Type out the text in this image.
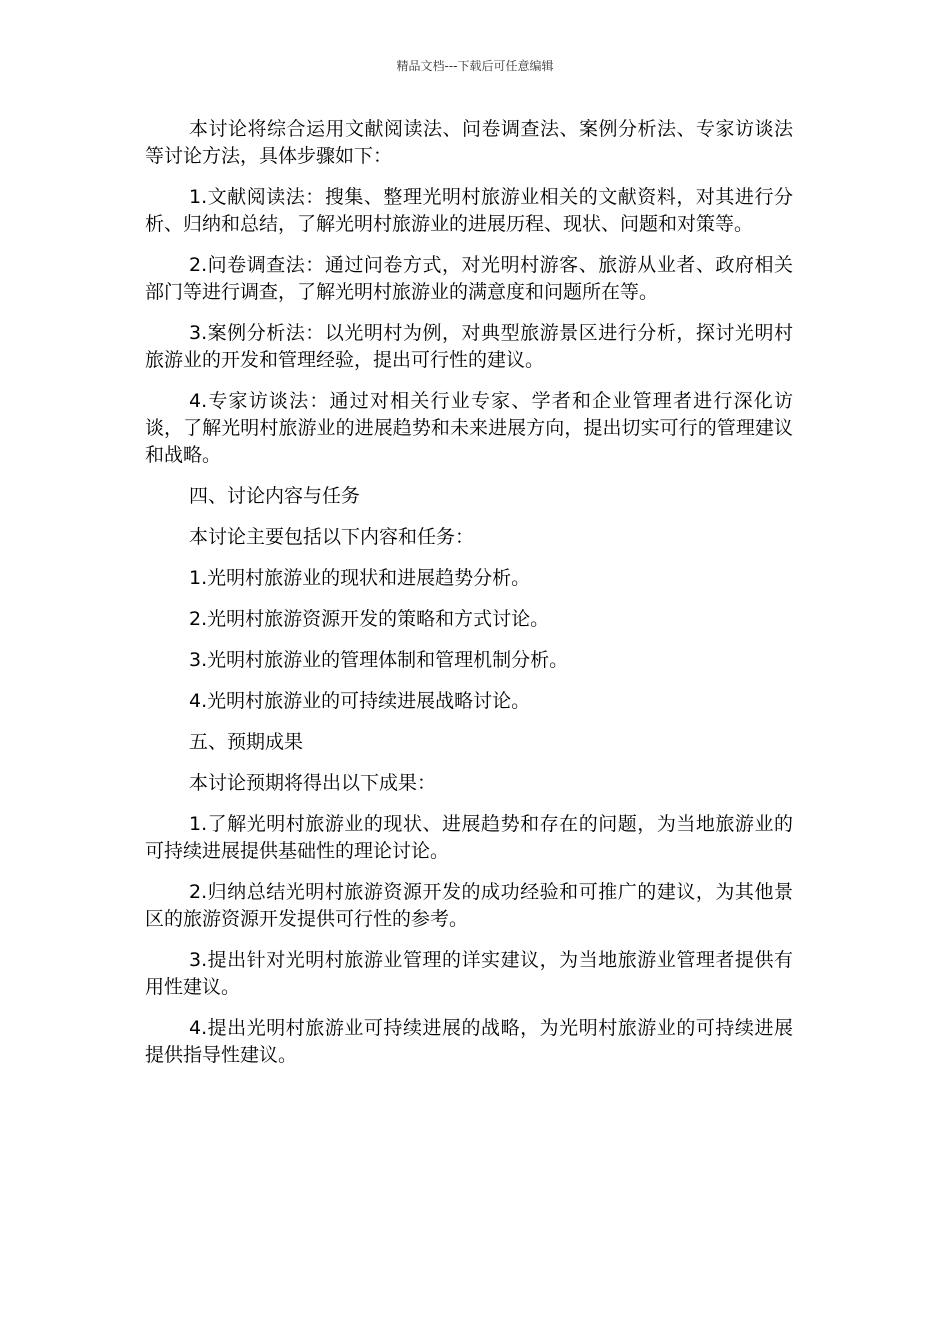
精品文档---下载后可任意编辑

本讨论将综合运用文献阅读法、问卷调查法、案例分析法、专家访谈法等讨论方法，具体步骤如下：

1.文献阅读法：搜集、整理光明村旅游业相关的文献资料，对其进行分析、归纳和总结，了解光明村旅游业的进展历程、现状、问题和对策等。

2.问卷调查法：通过问卷方式，对光明村游客、旅游从业者、政府相关部门等进行调查，了解光明村旅游业的满意度和问题所在等。

3.案例分析法：以光明村为例，对典型旅游景区进行分析，探讨光明村旅游业的开发和管理经验，提出可行性的建议。

4.专家访谈法：通过对相关行业专家、学者和企业管理者进行深化访谈，了解光明村旅游业的进展趋势和未来进展方向，提出切实可行的管理建议和战略。

四、讨论内容与任务

本讨论主要包括以下内容和任务：

1.光明村旅游业的现状和进展趋势分析。

2.光明村旅游资源开发的策略和方式讨论。

3.光明村旅游业的管理体制和管理机制分析。

4.光明村旅游业的可持续进展战略讨论。

五、预期成果

本讨论预期将得出以下成果：

1.了解光明村旅游业的现状、进展趋势和存在的问题，为当地旅游业的可持续进展提供基础性的理论讨论。

2.归纳总结光明村旅游资源开发的成功经验和可推广的建议，为其他景区的旅游资源开发提供可行性的参考。

3.提出针对光明村旅游业管理的详实建议，为当地旅游业管理者提供有用性建议。

4.提出光明村旅游业可持续进展的战略，为光明村旅游业的可持续进展提供指导性建议。
